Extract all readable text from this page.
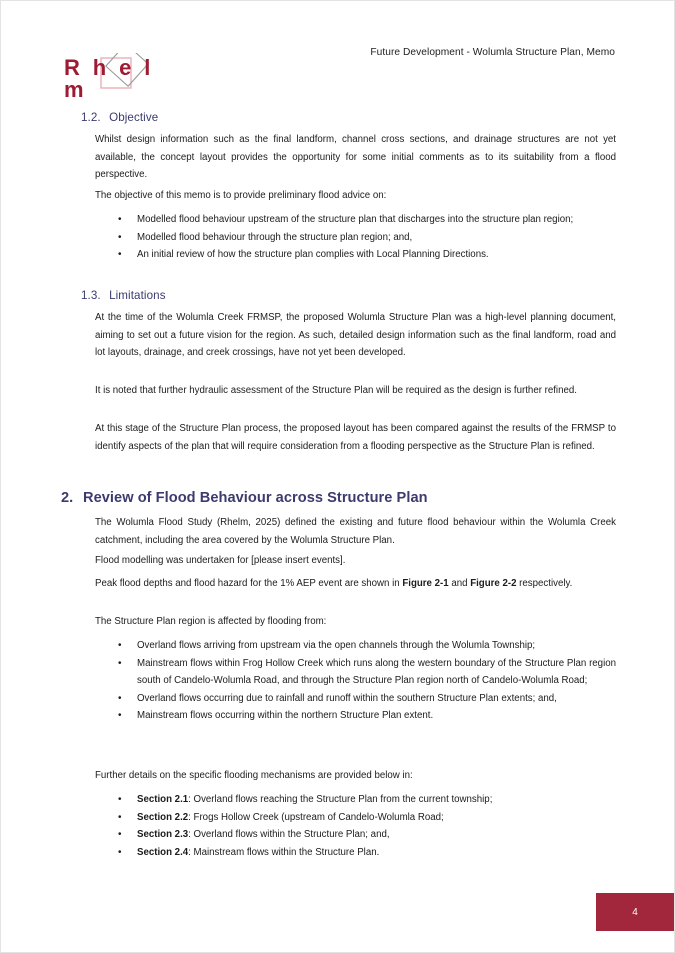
Future Development - Wolumla Structure Plan, Memo
R h e l m
1.2. Objective

Whilst design information such as the final landform, channel cross sections, and drainage structures are not yet available, the concept layout provides the opportunity for some initial comments as to its suitability from a flood perspective.

The objective of this memo is to provide preliminary flood advice on:

• Modelled flood behaviour upstream of the structure plan that discharges into the structure plan region;
• Modelled flood behaviour through the structure plan region; and,
• An initial review of how the structure plan complies with Local Planning Directions.
1.3. Limitations

At the time of the Wolumla Creek FRMSP, the proposed Wolumla Structure Plan was a high-level planning document, aiming to set out a future vision for the region. As such, detailed design information such as the final landform, road and lot layouts, drainage, and creek crossings, have not yet been developed.

It is noted that further hydraulic assessment of the Structure Plan will be required as the design is further refined.

At this stage of the Structure Plan process, the proposed layout has been compared against the results of the FRMSP to identify aspects of the plan that will require consideration from a flooding perspective as the Structure Plan is refined.

2. Review of Flood Behaviour across Structure Plan

The Wolumla Flood Study (Rhelm, 2025) defined the existing and future flood behaviour within the Wolumla Creek catchment, including the area covered by the Wolumla Structure Plan.

Flood modelling was undertaken for [please insert events].

Peak flood depths and flood hazard for the 1% AEP event are shown in Figure 2-1 and Figure 2-2 respectively.

The Structure Plan region is affected by flooding from:

• Overland flows arriving from upstream via the open channels through the Wolumla Township;
• Mainstream flows within Frog Hollow Creek which runs along the western boundary of the Structure Plan region south of Candelo-Wolumla Road, and through the Structure Plan region north of Candelo-Wolumla Road;
• Overland flows occurring due to rainfall and runoff within the southern Structure Plan extents; and,
• Mainstream flows occurring within the northern Structure Plan extent.

Further details on the specific flooding mechanisms are provided below in:

• Section 2.1: Overland flows reaching the Structure Plan from the current township;
• Section 2.2: Frogs Hollow Creek (upstream of Candelo-Wolumla Road;
• Section 2.3: Overland flows within the Structure Plan; and,
• Section 2.4: Mainstream flows within the Structure Plan.
4
